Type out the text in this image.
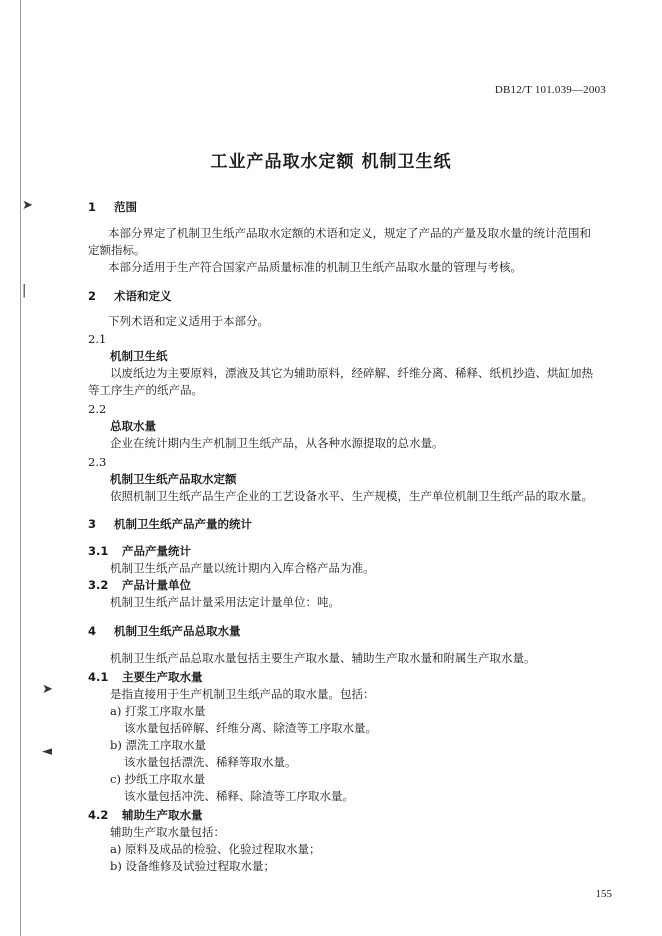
➤
|
➤
◄
DB12/T 101.039—2003
工业产品取水定额 机制卫生纸
1 范围
本部分界定了机制卫生纸产品取水定额的术语和定义，规定了产品的产量及取水量的统计范围和
定额指标。
本部分适用于生产符合国家产品质量标准的机制卫生纸产品取水量的管理与考核。
2 术语和定义
下列术语和定义适用于本部分。
2.1
机制卫生纸
以废纸边为主要原料，漂液及其它为辅助原料，经碎解、纤维分离、稀释、纸机抄造、烘缸加热
等工序生产的纸产品。
2.2
总取水量
企业在统计期内生产机制卫生纸产品，从各种水源提取的总水量。
2.3
机制卫生纸产品取水定额
依照机制卫生纸产品生产企业的工艺设备水平、生产规模，生产单位机制卫生纸产品的取水量。
3 机制卫生纸产品产量的统计
3.1 产品产量统计
机制卫生纸产品产量以统计期内入库合格产品为准。
3.2 产品计量单位
机制卫生纸产品计量采用法定计量单位：吨。
4 机制卫生纸产品总取水量
机制卫生纸产品总取水量包括主要生产取水量、辅助生产取水量和附属生产取水量。
4.1 主要生产取水量
是指直接用于生产机制卫生纸产品的取水量。包括：
a) 打浆工序取水量
该水量包括碎解、纤维分离、除渣等工序取水量。
b) 漂洗工序取水量
该水量包括漂洗、稀释等取水量。
c) 抄纸工序取水量
该水量包括冲洗、稀释、除渣等工序取水量。
4.2 辅助生产取水量
辅助生产取水量包括：
a) 原料及成品的检验、化验过程取水量；
b) 设备维修及试验过程取水量；
155
